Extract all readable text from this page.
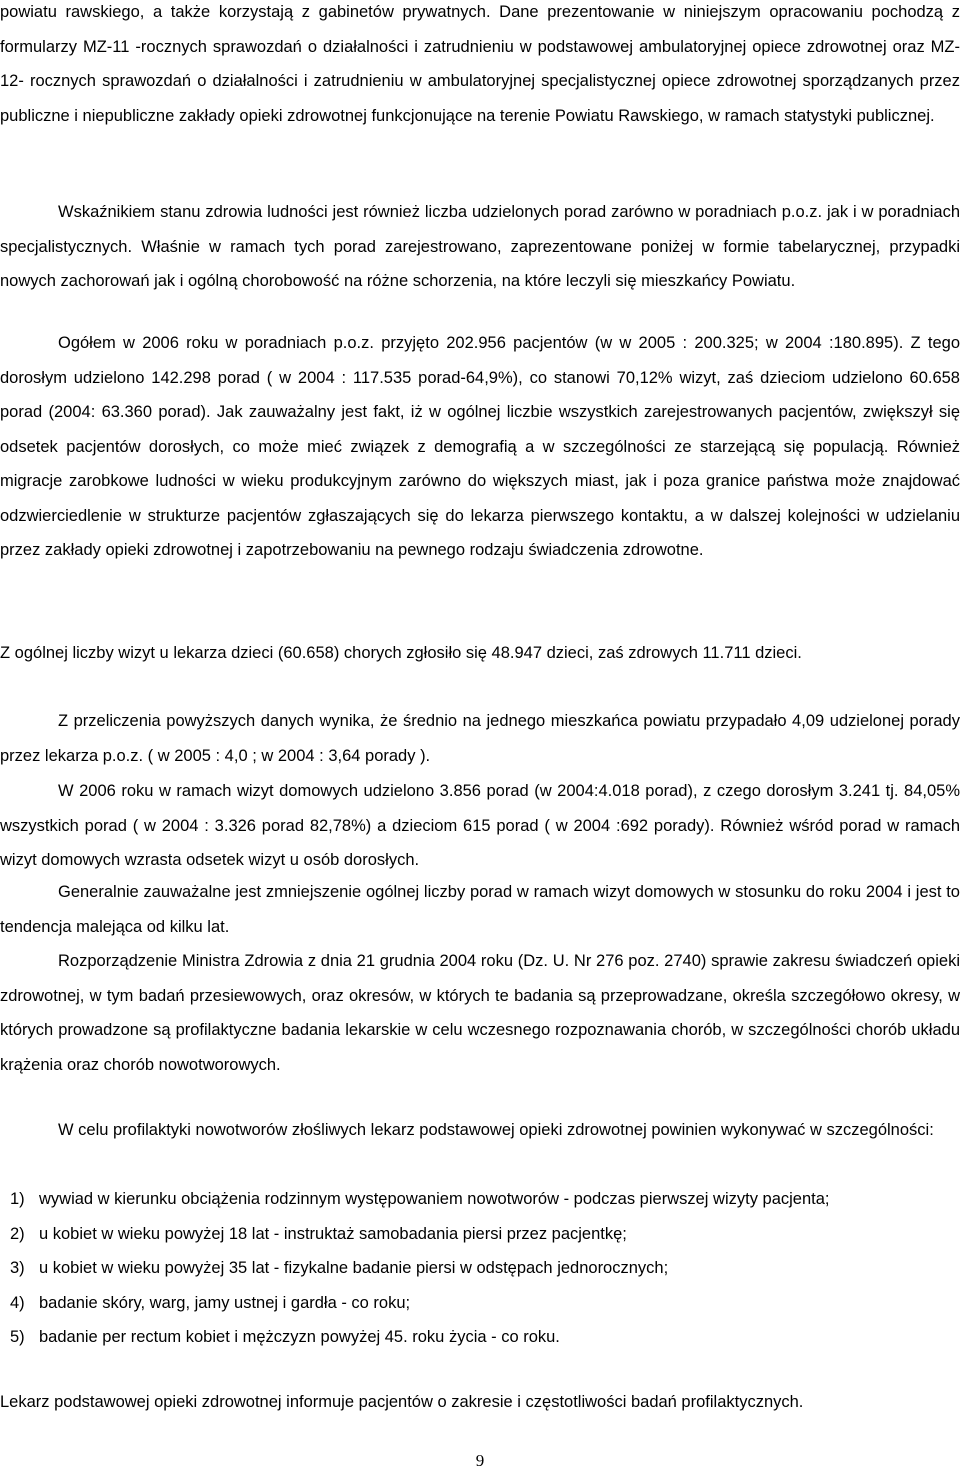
powiatu rawskiego, a także korzystają z gabinetów prywatnych. Dane prezentowanie w niniejszym opracowaniu pochodzą z formularzy MZ-11 -rocznych sprawozdań o działalności i zatrudnieniu w podstawowej ambulatoryjnej opiece zdrowotnej oraz MZ-12- rocznych sprawozdań o działalności i zatrudnieniu w ambulatoryjnej specjalistycznej opiece zdrowotnej sporządzanych przez publiczne i niepubliczne zakłady opieki zdrowotnej funkcjonujące na terenie Powiatu Rawskiego, w ramach statystyki publicznej.

Wskaźnikiem stanu zdrowia ludności jest również liczba udzielonych porad zarówno w poradniach p.o.z. jak i w poradniach specjalistycznych. Właśnie w ramach tych porad zarejestrowano, zaprezentowane poniżej w formie tabelarycznej, przypadki nowych zachorowań jak i ogólną chorobowość na różne schorzenia, na które leczyli się mieszkańcy Powiatu.

Ogółem w 2006 roku w poradniach p.o.z. przyjęto 202.956 pacjentów (w w 2005 : 200.325; w 2004 :180.895). Z tego dorosłym udzielono 142.298 porad ( w 2004 : 117.535 porad-64,9%), co stanowi 70,12% wizyt, zaś dzieciom udzielono 60.658 porad (2004: 63.360 porad). Jak zauważalny jest fakt, iż w ogólnej liczbie wszystkich zarejestrowanych pacjentów, zwiększył się odsetek pacjentów dorosłych, co może mieć związek z demografią a w szczególności ze starzejącą się populacją. Również migracje zarobkowe ludności w wieku produkcyjnym zarówno do większych miast, jak i poza granice państwa może znajdować odzwierciedlenie w strukturze pacjentów zgłaszających się do lekarza pierwszego kontaktu, a w dalszej kolejności w udzielaniu przez zakłady opieki zdrowotnej i zapotrzebowaniu na pewnego rodzaju świadczenia zdrowotne.

Z ogólnej liczby wizyt u lekarza dzieci (60.658) chorych zgłosiło się 48.947 dzieci, zaś zdrowych 11.711 dzieci.

Z przeliczenia powyższych danych wynika, że średnio na jednego mieszkańca powiatu przypadało 4,09 udzielonej porady przez lekarza p.o.z. ( w 2005 : 4,0 ; w 2004 : 3,64 porady ).

W 2006 roku w ramach wizyt domowych udzielono 3.856 porad (w 2004:4.018 porad), z czego dorosłym 3.241 tj. 84,05% wszystkich porad ( w 2004 : 3.326 porad 82,78%) a dzieciom 615 porad ( w 2004 :692 porady). Również wśród porad w ramach wizyt domowych wzrasta odsetek wizyt u osób dorosłych.

Generalnie zauważalne jest zmniejszenie ogólnej liczby porad w ramach wizyt domowych w stosunku do roku 2004 i jest to tendencja malejąca od kilku lat.

Rozporządzenie Ministra Zdrowia z dnia 21 grudnia 2004 roku (Dz. U. Nr 276 poz. 2740) sprawie zakresu świadczeń opieki zdrowotnej, w tym badań przesiewowych, oraz okresów, w których te badania są przeprowadzane, określa szczegółowo okresy, w których prowadzone są profilaktyczne badania lekarskie w celu wczesnego rozpoznawania chorób, w szczególności chorób układu krążenia oraz chorób nowotworowych.

W celu profilaktyki nowotworów złośliwych lekarz podstawowej opieki zdrowotnej powinien wykonywać w szczególności:

1) wywiad w kierunku obciążenia rodzinnym występowaniem nowotworów - podczas pierwszej wizyty pacjenta;
2) u kobiet w wieku powyżej 18 lat - instruktaż samobadania piersi przez pacjentkę;
3) u kobiet w wieku powyżej 35 lat - fizykalne badanie piersi w odstępach jednorocznych;
4) badanie skóry, warg, jamy ustnej i gardła - co roku;
5) badanie per rectum kobiet i mężczyzn powyżej 45. roku życia - co roku.

Lekarz podstawowej opieki zdrowotnej informuje pacjentów o zakresie i częstotliwości badań profilaktycznych.

9
